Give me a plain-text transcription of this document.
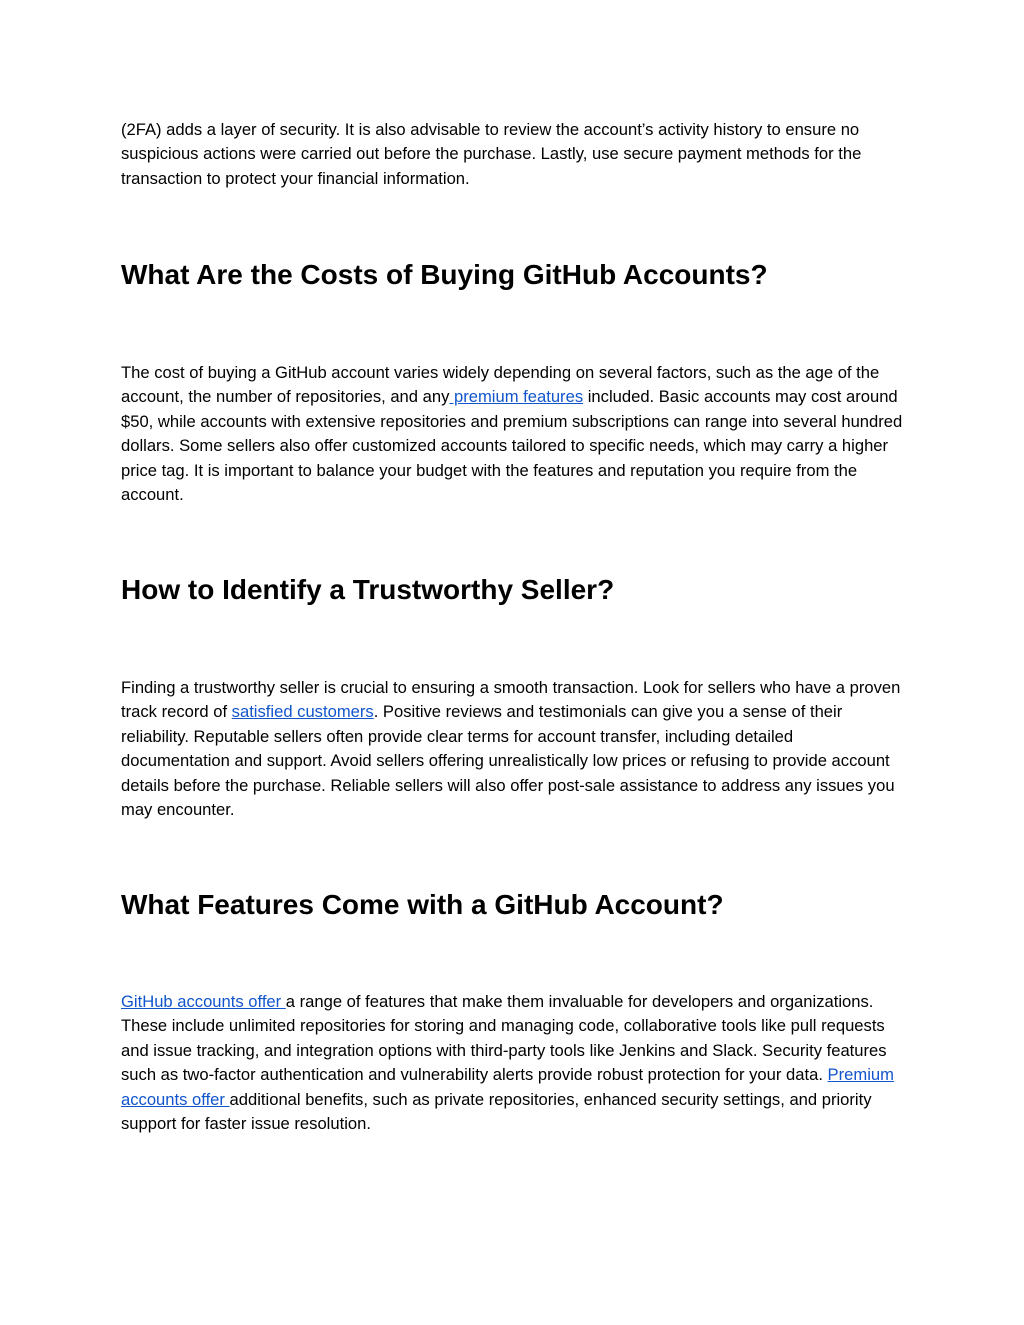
(2FA) adds a layer of security. It is also advisable to review the account’s activity history to ensure no suspicious actions were carried out before the purchase. Lastly, use secure payment methods for the transaction to protect your financial information.

What Are the Costs of Buying GitHub Accounts?

The cost of buying a GitHub account varies widely depending on several factors, such as the age of the account, the number of repositories, and any premium features included. Basic accounts may cost around $50, while accounts with extensive repositories and premium subscriptions can range into several hundred dollars. Some sellers also offer customized accounts tailored to specific needs, which may carry a higher price tag. It is important to balance your budget with the features and reputation you require from the account.

How to Identify a Trustworthy Seller?

Finding a trustworthy seller is crucial to ensuring a smooth transaction. Look for sellers who have a proven track record of satisfied customers. Positive reviews and testimonials can give you a sense of their reliability. Reputable sellers often provide clear terms for account transfer, including detailed documentation and support. Avoid sellers offering unrealistically low prices or refusing to provide account details before the purchase. Reliable sellers will also offer post-sale assistance to address any issues you may encounter.

What Features Come with a GitHub Account?

GitHub accounts offer a range of features that make them invaluable for developers and organizations. These include unlimited repositories for storing and managing code, collaborative tools like pull requests and issue tracking, and integration options with third-party tools like Jenkins and Slack. Security features such as two-factor authentication and vulnerability alerts provide robust protection for your data. Premium accounts offer additional benefits, such as private repositories, enhanced security settings, and priority support for faster issue resolution.
